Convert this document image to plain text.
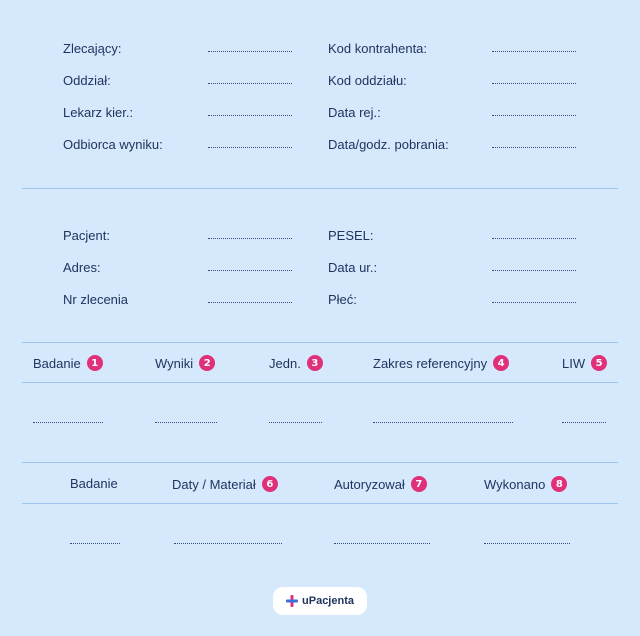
Zlecający:
Oddział:
Lekarz kier.:
Odbiorca wyniku:
Kod kontrahenta:
Kod oddziału:
Data rej.:
Data/godz. pobrania:
Pacjent:
Adres:
Nr zlecenia
PESEL:
Data ur.:
Płeć:
Badanie	1	Wyniki	2	Jedn.	3	Zakres referencyjny	4	LIW	5
Badanie	Daty / Materiał	6	Autoryzował	7	Wykonano	8
uPacjenta
